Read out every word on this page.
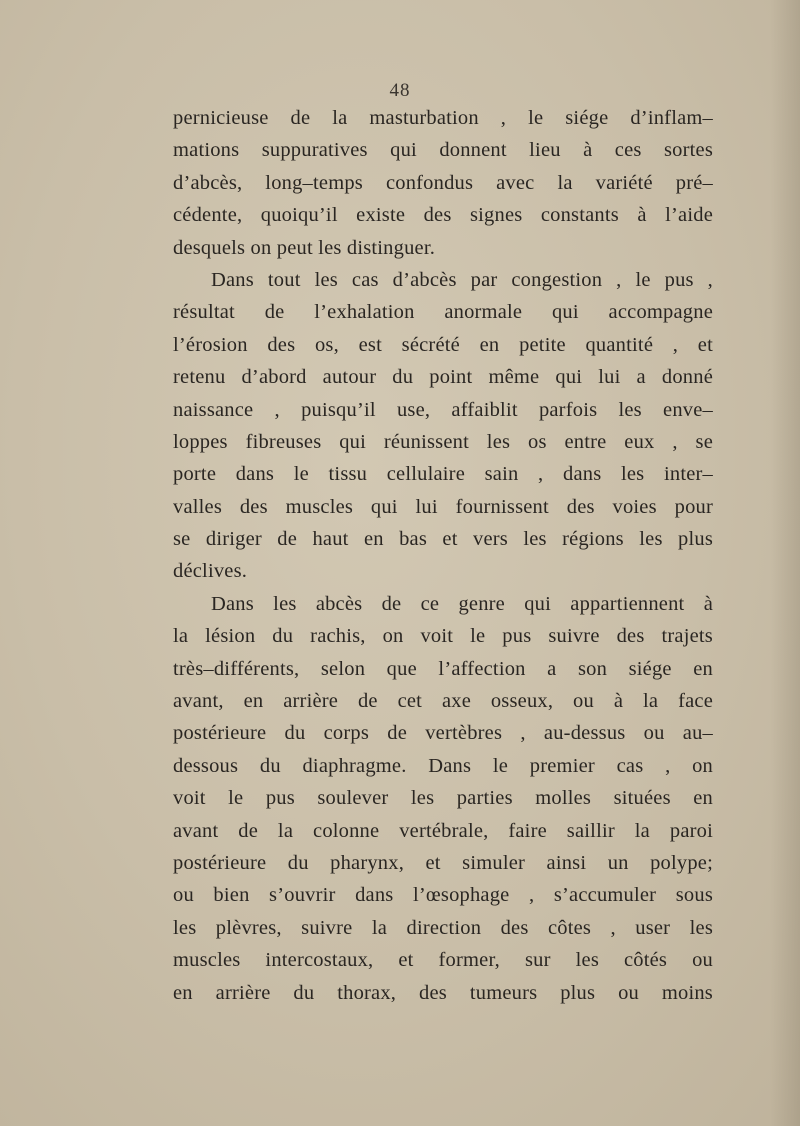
48
pernicieuse de la masturbation , le siége d’inflam–
mations suppuratives qui donnent lieu à ces sortes
d’abcès, long–temps confondus avec la variété pré–
cédente, quoiqu’il existe des signes constants à l’aide
desquels on peut les distinguer.
Dans tout les cas d’abcès par congestion , le pus ,
résultat de l’exhalation anormale qui accompagne
l’érosion des os, est sécrété en petite quantité , et
retenu d’abord autour du point même qui lui a donné
naissance , puisqu’il use, affaiblit parfois les enve–
loppes fibreuses qui réunissent les os entre eux , se
porte dans le tissu cellulaire sain , dans les inter–
valles des muscles qui lui fournissent des voies pour
se diriger de haut en bas et vers les régions les plus
déclives.
Dans les abcès de ce genre qui appartiennent à
la lésion du rachis, on voit le pus suivre des trajets
très–différents, selon que l’affection a son siége en
avant, en arrière de cet axe osseux, ou à la face
postérieure du corps de vertèbres , au-dessus ou au–
dessous du diaphragme. Dans le premier cas , on
voit le pus soulever les parties molles situées en
avant de la colonne vertébrale, faire saillir la paroi
postérieure du pharynx, et simuler ainsi un polype;
ou bien s’ouvrir dans l’œsophage , s’accumuler sous
les plèvres, suivre la direction des côtes , user les
muscles intercostaux, et former, sur les côtés ou
en arrière du thorax, des tumeurs plus ou moins
